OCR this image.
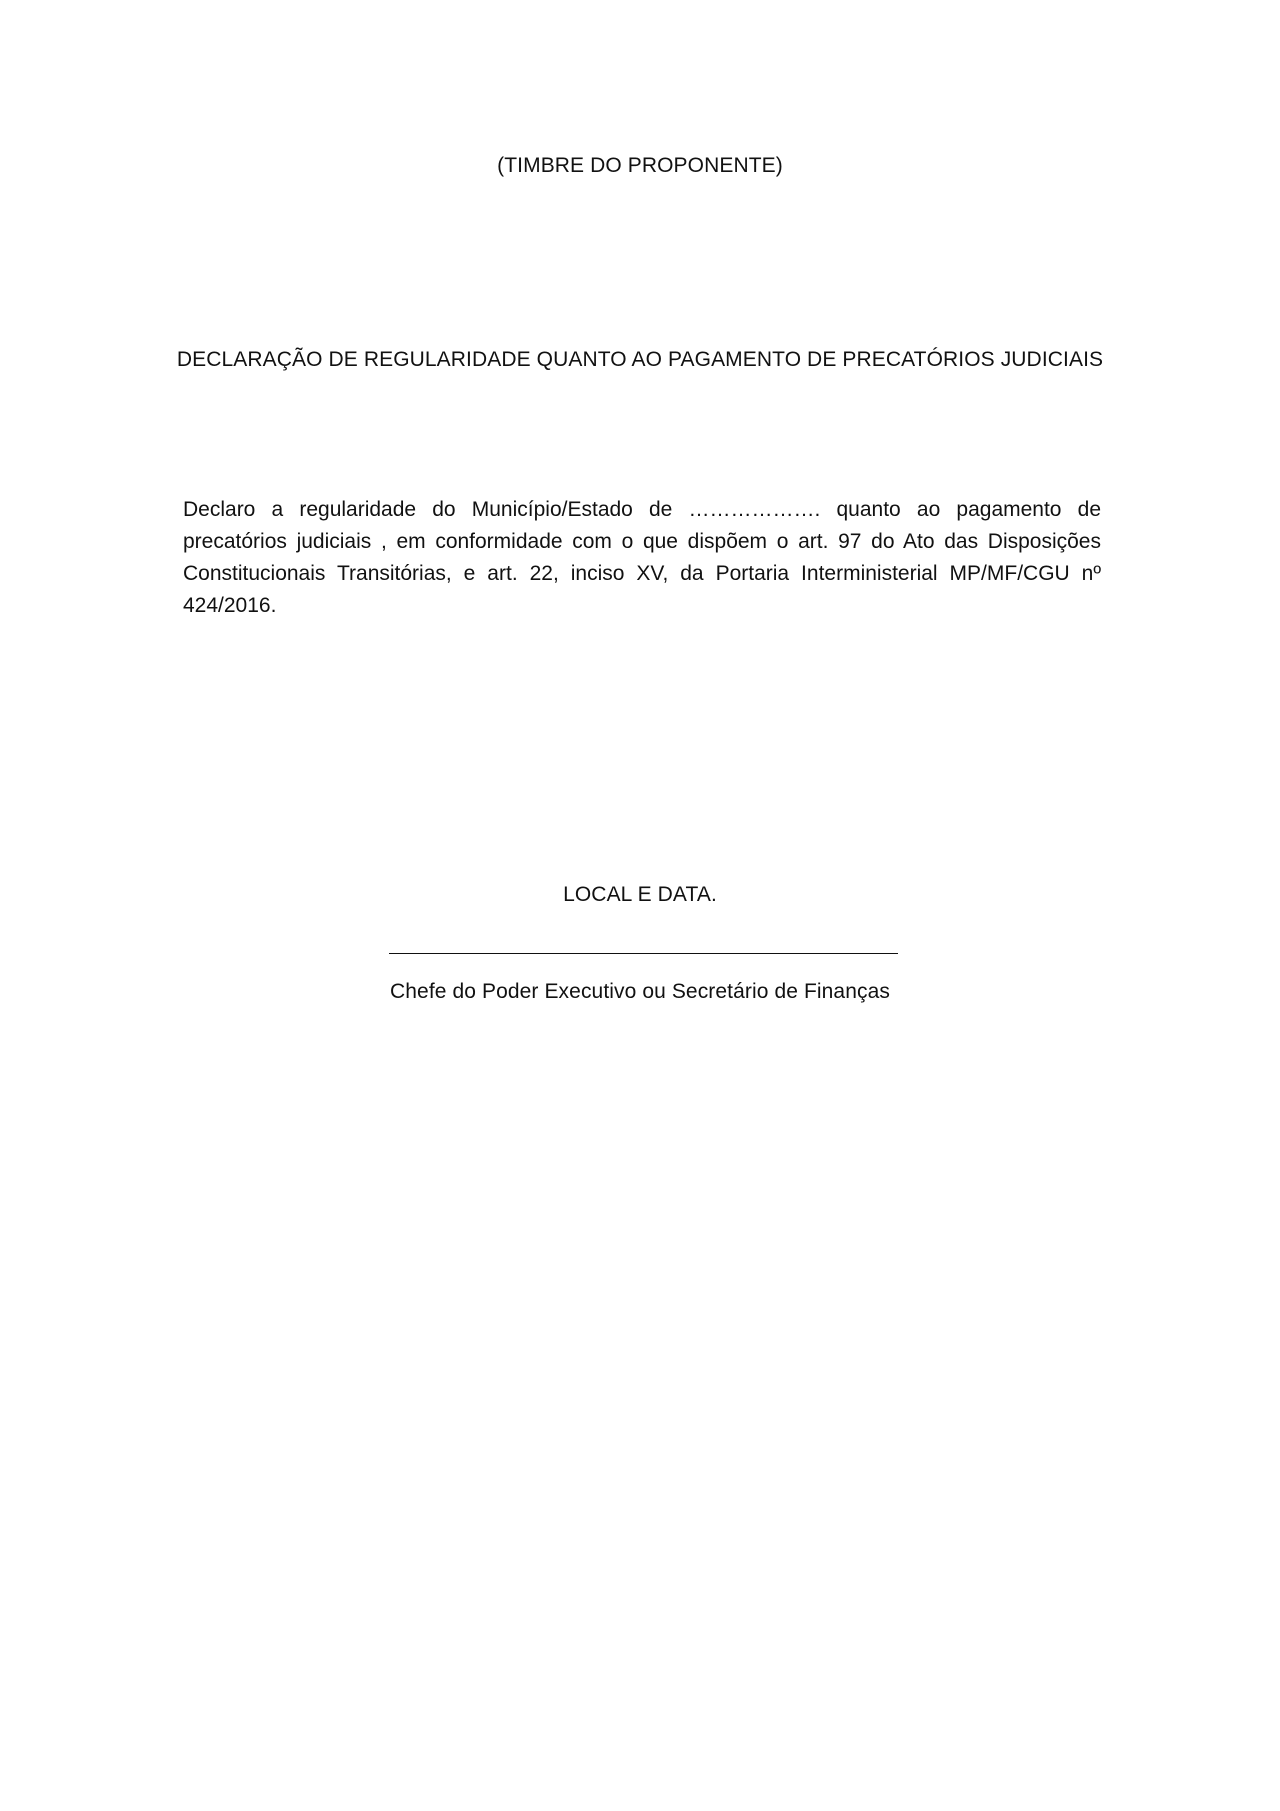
(TIMBRE DO PROPONENTE)
DECLARAÇÃO DE REGULARIDADE QUANTO AO PAGAMENTO DE PRECATÓRIOS JUDICIAIS

Declaro a regularidade do Município/Estado de ………………. quanto ao pagamento de precatórios judiciais , em conformidade com o que dispõem o art. 97 do Ato das Disposições Constitucionais Transitórias, e art. 22, inciso XV, da Portaria Interministerial MP/MF/CGU nº 424/2016.

LOCAL E DATA.
Chefe do Poder Executivo ou Secretário de Finanças
